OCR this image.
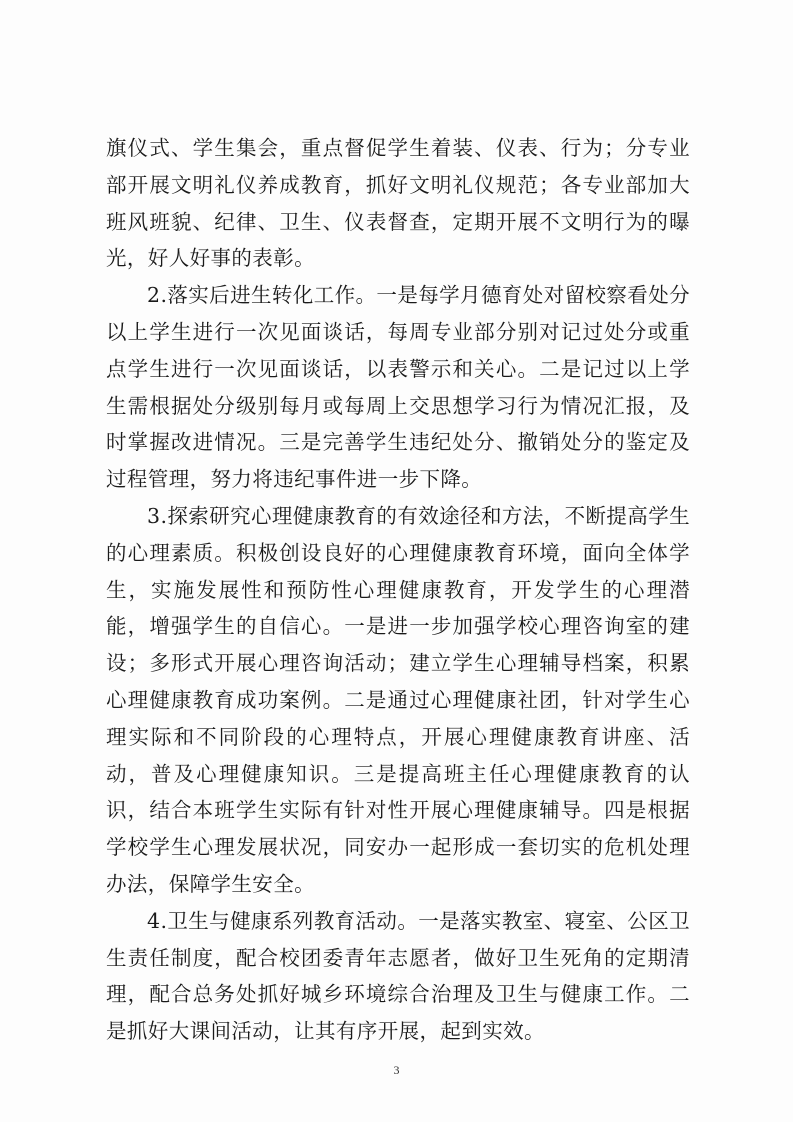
旗仪式、学生集会，重点督促学生着装、仪表、行为；分专业部开展文明礼仪养成教育，抓好文明礼仪规范；各专业部加大班风班貌、纪律、卫生、仪表督查，定期开展不文明行为的曝光，好人好事的表彰。

2.落实后进生转化工作。一是每学月德育处对留校察看处分以上学生进行一次见面谈话，每周专业部分别对记过处分或重点学生进行一次见面谈话，以表警示和关心。二是记过以上学生需根据处分级别每月或每周上交思想学习行为情况汇报，及时掌握改进情况。三是完善学生违纪处分、撤销处分的鉴定及过程管理，努力将违纪事件进一步下降。

3.探索研究心理健康教育的有效途径和方法，不断提高学生的心理素质。积极创设良好的心理健康教育环境，面向全体学生，实施发展性和预防性心理健康教育，开发学生的心理潜能，增强学生的自信心。一是进一步加强学校心理咨询室的建设；多形式开展心理咨询活动；建立学生心理辅导档案，积累心理健康教育成功案例。二是通过心理健康社团，针对学生心理实际和不同阶段的心理特点，开展心理健康教育讲座、活动，普及心理健康知识。三是提高班主任心理健康教育的认识，结合本班学生实际有针对性开展心理健康辅导。四是根据学校学生心理发展状况，同安办一起形成一套切实的危机处理办法，保障学生安全。

4.卫生与健康系列教育活动。一是落实教室、寝室、公区卫生责任制度，配合校团委青年志愿者，做好卫生死角的定期清理，配合总务处抓好城乡环境综合治理及卫生与健康工作。二是抓好大课间活动，让其有序开展，起到实效。

3
